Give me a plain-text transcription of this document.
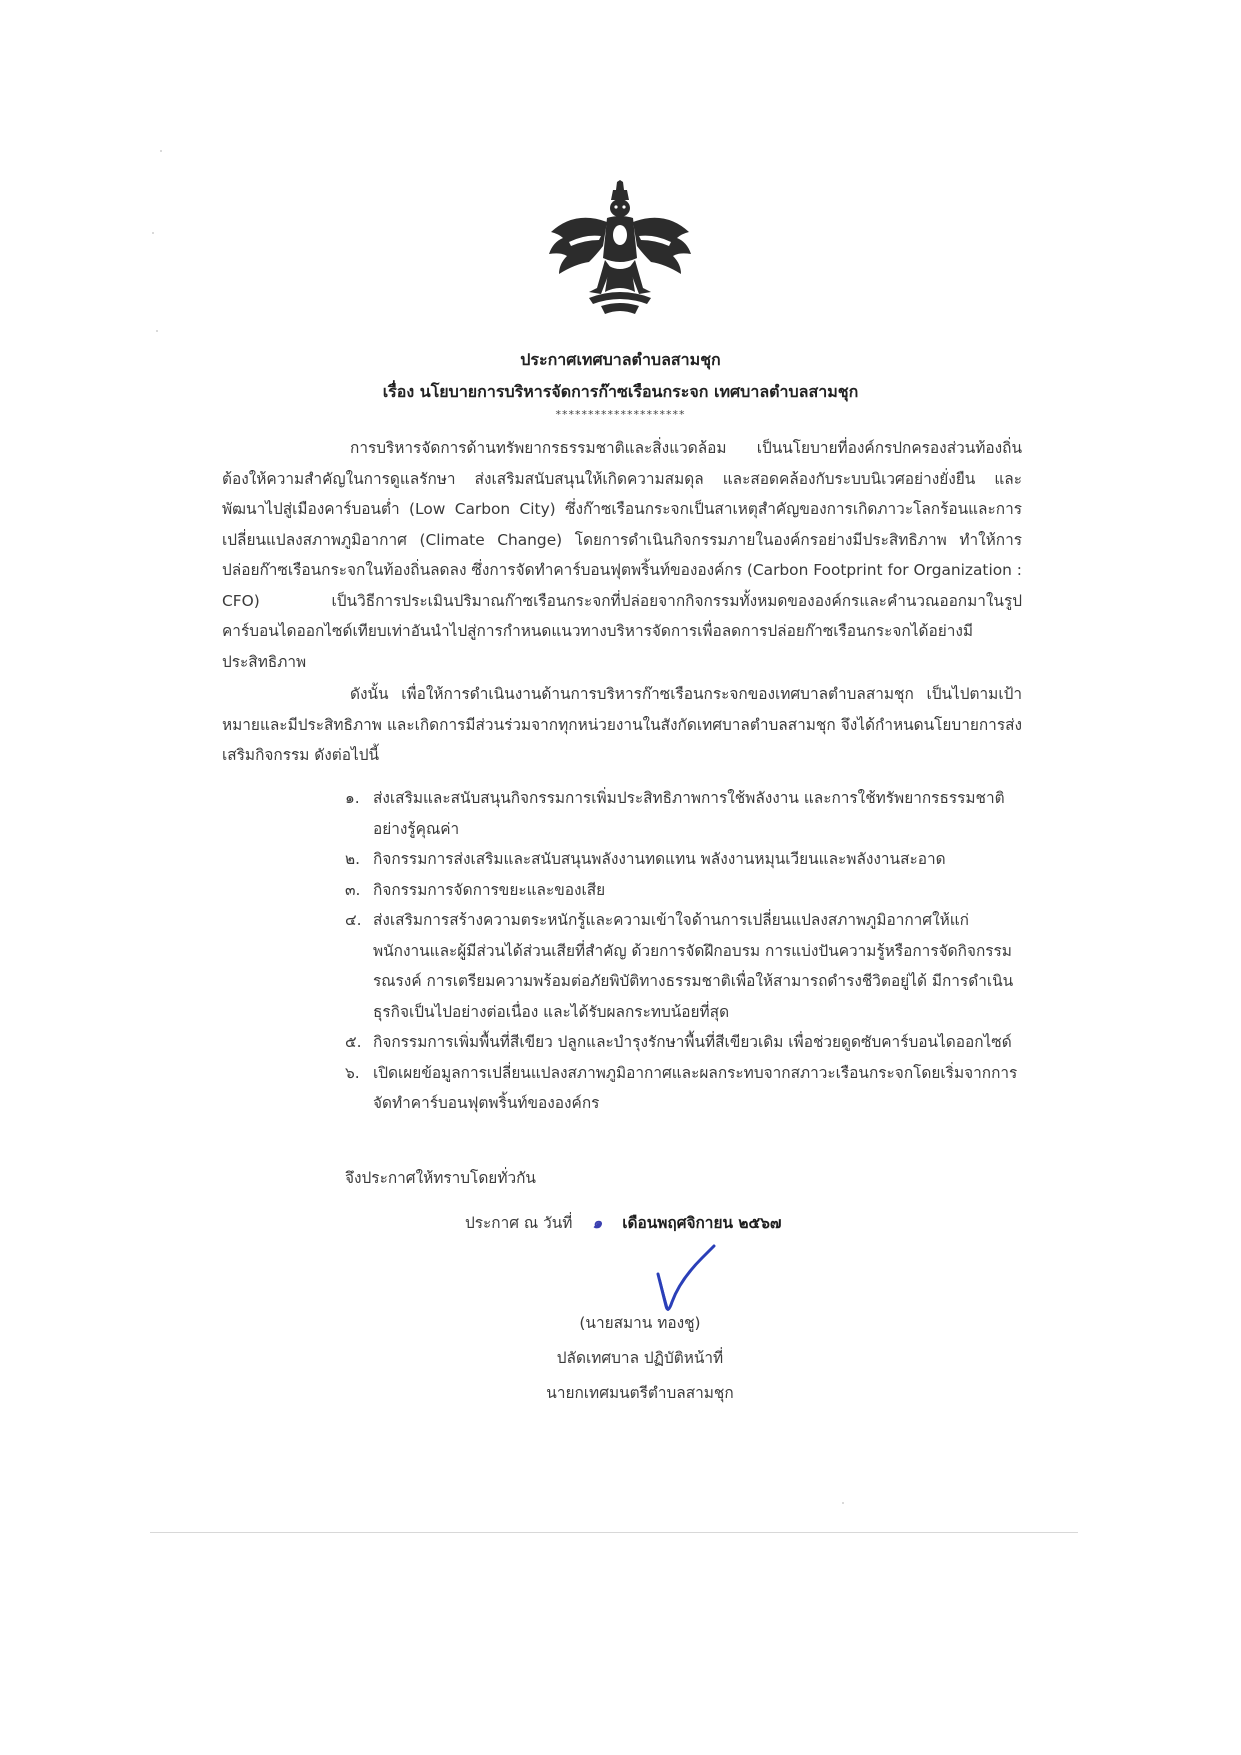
ประกาศเทศบาลตำบลสามชุก
เรื่อง นโยบายการบริหารจัดการก๊าซเรือนกระจก เทศบาลตำบลสามชุก
********************
การบริหารจัดการด้านทรัพยากรธรรมชาติและสิ่งแวดล้อม เป็นนโยบายที่องค์กรปกครองส่วนท้องถิ่นต้องให้ความสำคัญในการดูแลรักษา ส่งเสริมสนับสนุนให้เกิดความสมดุล และสอดคล้องกับระบบนิเวศอย่างยั่งยืน และพัฒนาไปสู่เมืองคาร์บอนต่ำ (Low Carbon City) ซึ่งก๊าซเรือนกระจกเป็นสาเหตุสำคัญของการเกิดภาวะโลกร้อนและการเปลี่ยนแปลงสภาพภูมิอากาศ (Climate Change) โดยการดำเนินกิจกรรมภายในองค์กรอย่างมีประสิทธิภาพ ทำให้การปล่อยก๊าซเรือนกระจกในท้องถิ่นลดลง ซึ่งการจัดทำคาร์บอนฟุตพริ้นท์ขององค์กร (Carbon Footprint for Organization : CFO) เป็นวิธีการประเมินปริมาณก๊าซเรือนกระจกที่ปล่อยจากกิจกรรมทั้งหมดขององค์กรและคำนวณออกมาในรูปคาร์บอนไดออกไซด์เทียบเท่าอันนำไปสู่การกำหนดแนวทางบริหารจัดการเพื่อลดการปล่อยก๊าซเรือนกระจกได้อย่างมีประสิทธิภาพ
ดังนั้น เพื่อให้การดำเนินงานด้านการบริหารก๊าซเรือนกระจกของเทศบาลตำบลสามชุก เป็นไปตามเป้าหมายและมีประสิทธิภาพ และเกิดการมีส่วนร่วมจากทุกหน่วยงานในสังกัดเทศบาลตำบลสามชุก จึงได้กำหนดนโยบายการส่งเสริมกิจกรรม ดังต่อไปนี้
๑. ส่งเสริมและสนับสนุนกิจกรรมการเพิ่มประสิทธิภาพการใช้พลังงาน และการใช้ทรัพยากรธรรมชาติอย่างรู้คุณค่า
๒. กิจกรรมการส่งเสริมและสนับสนุนพลังงานทดแทน พลังงานหมุนเวียนและพลังงานสะอาด
๓. กิจกรรมการจัดการขยะและของเสีย
๔. ส่งเสริมการสร้างความตระหนักรู้และความเข้าใจด้านการเปลี่ยนแปลงสภาพภูมิอากาศให้แก่พนักงานและผู้มีส่วนได้ส่วนเสียที่สำคัญ ด้วยการจัดฝึกอบรม การแบ่งปันความรู้หรือการจัดกิจกรรมรณรงค์ การเตรียมความพร้อมต่อภัยพิบัติทางธรรมชาติเพื่อให้สามารถดำรงชีวิตอยู่ได้ มีการดำเนินธุรกิจเป็นไปอย่างต่อเนื่อง และได้รับผลกระทบน้อยที่สุด
๕. กิจกรรมการเพิ่มพื้นที่สีเขียว ปลูกและบำรุงรักษาพื้นที่สีเขียวเดิม เพื่อช่วยดูดซับคาร์บอนไดออกไซด์
๖. เปิดเผยข้อมูลการเปลี่ยนแปลงสภาพภูมิอากาศและผลกระทบจากสภาวะเรือนกระจกโดยเริ่มจากการจัดทำคาร์บอนฟุตพริ้นท์ขององค์กร
จึงประกาศให้ทราบโดยทั่วกัน
ประกาศ ณ วันที่ ๑ เดือนพฤศจิกายน ๒๕๖๗
(นายสมาน ทองชู)
ปลัดเทศบาล ปฏิบัติหน้าที่
นายกเทศมนตรีตำบลสามชุก
